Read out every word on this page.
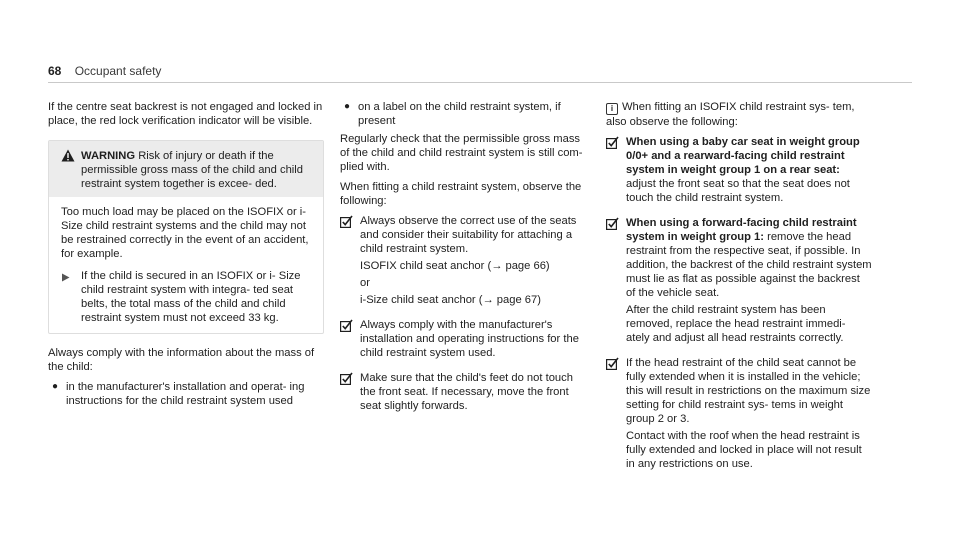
68 Occupant safety

If the centre seat backrest is not engaged and locked in place, the red lock verification indicator will be visible.

WARNING Risk of injury or death if the permissible gross mass of the child and child restraint system together is excee- ded.
Too much load may be placed on the ISOFIX or i-Size child restraint systems and the child may not be restrained correctly in the event of an accident, for example.
If the child is secured in an ISOFIX or i- Size child restraint system with integra- ted seat belts, the total mass of the child and child restraint system must not exceed 33 kg.

Always comply with the information about the mass of the child:

● in the manufacturer's installation and operat- ing instructions for the child restraint system used
● on a label on the child restraint system, if present

Regularly check that the permissible gross mass of the child and child restraint system is still com- plied with.

When fitting a child restraint system, observe the following:

Always observe the correct use of the seats and consider their suitability for attaching a child restraint system.

ISOFIX child seat anchor (→ page 66)

or

i-Size child seat anchor (→ page 67)

Always comply with the manufacturer's installation and operating instructions for the child restraint system used.

Make sure that the child's feet do not touch the front seat. If necessary, move the front seat slightly forwards.

i When fitting an ISOFIX child restraint sys- tem, also observe the following:

When using a baby car seat in weight group 0/0+ and a rearward-facing child restraint system in weight group 1 on a rear seat: adjust the front seat so that the seat does not touch the child restraint system.

When using a forward-facing child restraint system in weight group 1: remove the head restraint from the respective seat, if possible. In addition, the backrest of the child restraint system must lie as flat as possible against the backrest of the vehicle seat.

After the child restraint system has been removed, replace the head restraint immedi- ately and adjust all head restraints correctly.

If the head restraint of the child seat cannot be fully extended when it is installed in the vehicle; this will result in restrictions on the maximum size setting for child restraint sys- tems in weight group 2 or 3.

Contact with the roof when the head restraint is fully extended and locked in place will not result in any restrictions on use.
